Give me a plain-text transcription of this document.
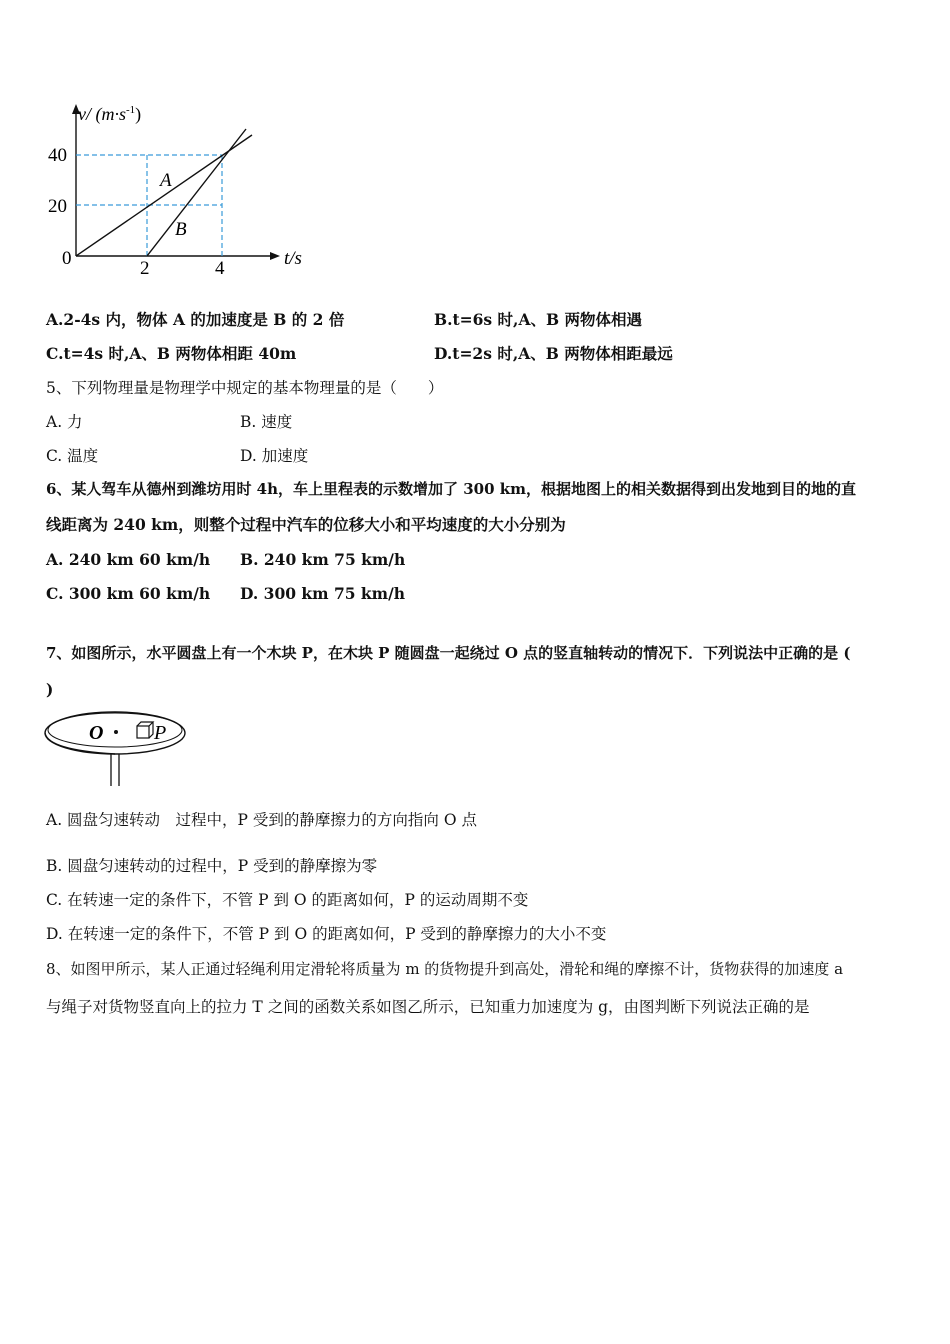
v/ $(m\cdot s^{-1})$
40
20
0	2	4	t/s
A
B
A.2-4s 内，物体 A 的加速度是 B 的 2 倍	B.t=6s 时,A、B 两物体相遇
C.t=4s 时,A、B 两物体相距 40m	D.t=2s 时,A、B 两物体相距最远
5、下列物理量是物理学中规定的基本物理量的是（　　）
A. 力	B. 速度
C. 温度	D. 加速度
6、某人驾车从德州到潍坊用时 4h，车上里程表的示数增加了 300 km，根据地图上的相关数据得到出发地到目的地的直
线距离为 240 km，则整个过程中汽车的位移大小和平均速度的大小分别为
A. 240 km 60 km/h B. 240 km 75 km/h
C. 300 km 60 km/h D. 300 km 75 km/h
7、如图所示，水平圆盘上有一个木块 P，在木块 P 随圆盘一起绕过 O 点的竖直轴转动的情况下．下列说法中正确的是 (
)
O	P
A. 圆盘匀速转动　过程中，P 受到的静摩擦力的方向指向 O 点
B. 圆盘匀速转动的过程中，P 受到的静摩擦为零
C. 在转速一定的条件下，不管 P 到 O 的距离如何，P 的运动周期不变
D. 在转速一定的条件下，不管 P 到 O 的距离如何，P 受到的静摩擦力的大小不变
8、如图甲所示，某人正通过轻绳利用定滑轮将质量为 m 的货物提升到高处，滑轮和绳的摩擦不计，货物获得的加速度 a
与绳子对货物竖直向上的拉力 T 之间的函数关系如图乙所示，已知重力加速度为 g，由图判断下列说法正确的是
